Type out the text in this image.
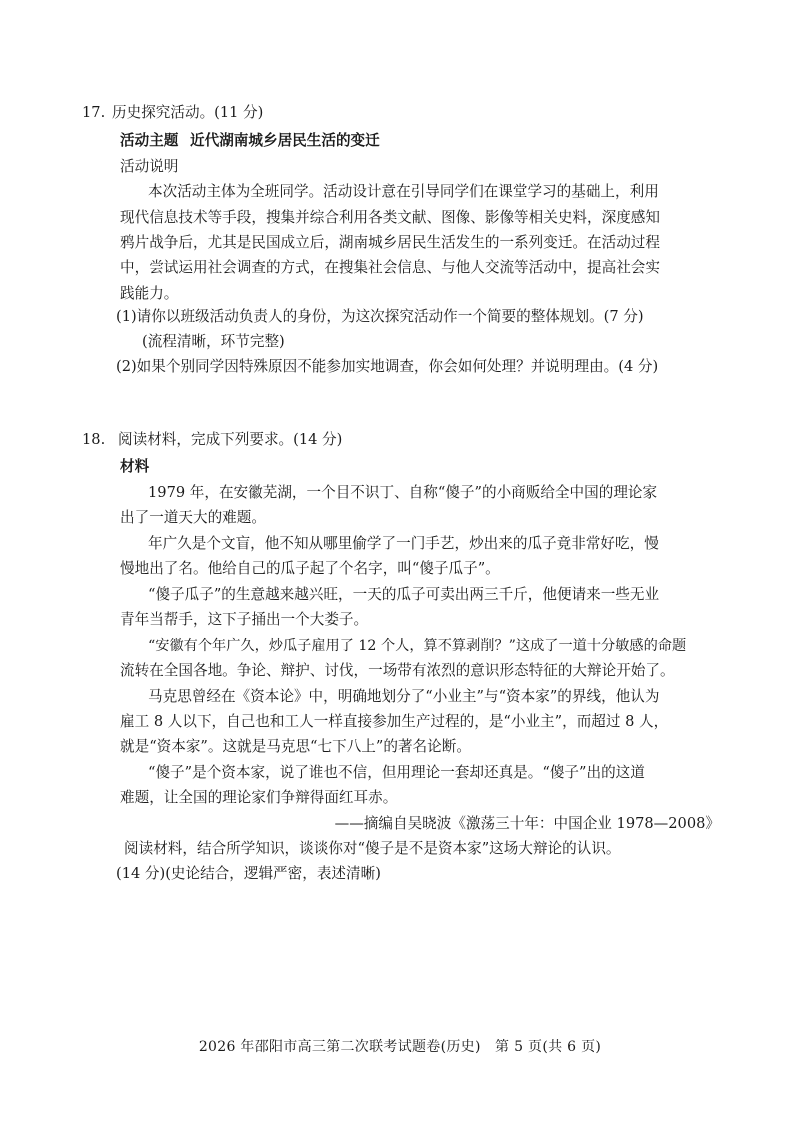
17. 历史探究活动。(11 分)
活动主题 近代湖南城乡居民生活的变迁
活动说明
本次活动主体为全班同学。活动设计意在引导同学们在课堂学习的基础上，利用
现代信息技术等手段，搜集并综合利用各类文献、图像、影像等相关史料，深度感知
鸦片战争后，尤其是民国成立后，湖南城乡居民生活发生的一系列变迁。在活动过程
中，尝试运用社会调查的方式，在搜集社会信息、与他人交流等活动中，提高社会实
践能力。
(1)请你以班级活动负责人的身份，为这次探究活动作一个简要的整体规划。(7 分)
(流程清晰，环节完整)
(2)如果个别同学因特殊原因不能参加实地调查，你会如何处理？并说明理由。(4 分)
18. 阅读材料，完成下列要求。(14 分)
材料
1979 年，在安徽芜湖，一个目不识丁、自称“傻子”的小商贩给全中国的理论家
出了一道天大的难题。
年广久是个文盲，他不知从哪里偷学了一门手艺，炒出来的瓜子竟非常好吃，慢
慢地出了名。他给自己的瓜子起了个名字，叫“傻子瓜子”。
“傻子瓜子”的生意越来越兴旺，一天的瓜子可卖出两三千斤，他便请来一些无业
青年当帮手，这下子捅出一个大娄子。
“安徽有个年广久，炒瓜子雇用了 12 个人，算不算剥削？”这成了一道十分敏感的命题
流转在全国各地。争论、辩护、讨伐，一场带有浓烈的意识形态特征的大辩论开始了。
马克思曾经在《资本论》中，明确地划分了“小业主”与“资本家”的界线，他认为
雇工 8 人以下，自己也和工人一样直接参加生产过程的，是“小业主”，而超过 8 人，
就是“资本家”。这就是马克思“七下八上”的著名论断。
“傻子”是个资本家，说了谁也不信，但用理论一套却还真是。“傻子”出的这道
难题，让全国的理论家们争辩得面红耳赤。
——摘编自吴晓波《激荡三十年：中国企业 1978—2008》
阅读材料，结合所学知识，谈谈你对“傻子是不是资本家”这场大辩论的认识。
(14 分)(史论结合，逻辑严密，表述清晰)
2026 年邵阳市高三第二次联考试题卷(历史)　第 5 页(共 6 页)
